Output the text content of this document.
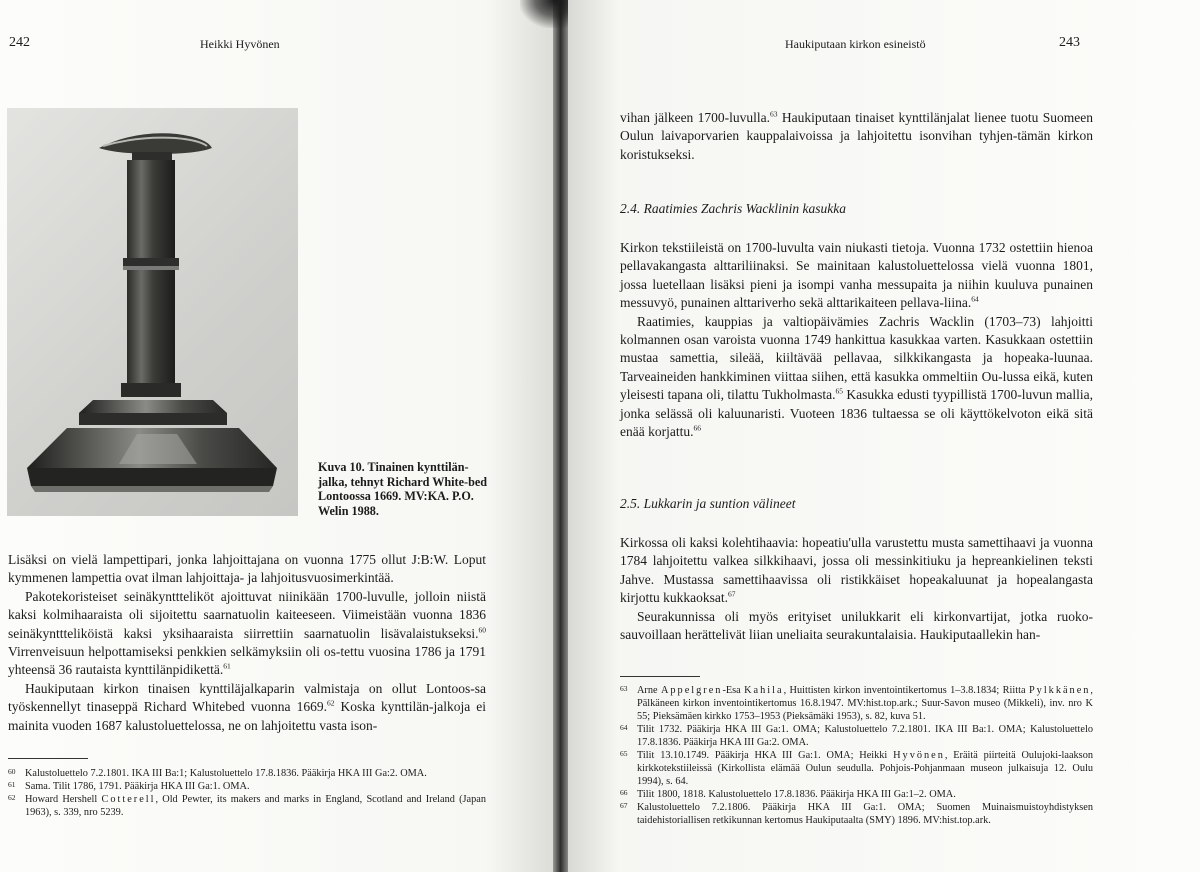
242	Heikki Hyvönen
Kuva 10. Tinainen kynttilän-jalka, tehnyt Richard White-bed Lontoossa 1669. MV:KA. P.O. Welin 1988.

Lisäksi on vielä lampettipari, jonka lahjoittajana on vuonna 1775 ollut J:B:W. Loput kymmenen lampettia ovat ilman lahjoittaja- ja lahjoitusvuosimerkintää.

Pakotekoristeiset seinäkynttteliköt ajoittuvat niinikään 1700-luvulle, jolloin niistä kaksi kolmihaaraista oli sijoitettu saarnatuolin kaiteeseen. Viimeistään vuonna 1836 seinäkynttteliköistä kaksi yksihaaraista siirrettiin saarnatuolin lisävalaistukseksi.$^{60}$ Virrenveisuun helpottamiseksi penkkien selkämyksiin oli os-tettu vuosina 1786 ja 1791 yhteensä 36 rautaista kynttilänpidikettä.$^{61}$

Haukiputaan kirkon tinaisen kynttiläjalkaparin valmistaja on ollut Lontoos-sa työskennellyt tinaseppä Richard Whitebed vuonna 1669.62 Koska kynttilän-jalkoja ei mainita vuoden 1687 kalustoluettelossa, ne on lahjoitettu vasta ison-

60 Kalustoluettelo 7.2.1801. IKA III Ba:1; Kalustoluettelo 17.8.1836. Pääkirja HKA III Ga:2. OMA.
61 Sama. Tilit 1786, 1791. Pääkirja HKA III Ga:1. OMA.
62 Howard Hershell Cotterell, Old Pewter, its makers and marks in England, Scotland and Ireland (Japan 1963), s. 339, nro 5239.
Haukiputaan kirkon esineistö	243

vihan jälkeen 1700-luvulla.$^{63}$ Haukiputaan tinaiset kynttilänjalat lienee tuotu Suomeen Oulun laivaporvarien kauppalaivoissa ja lahjoitettu isonvihan tyhjen-tämän kirkon koristukseksi.

2.4. Raatimies Zachris Wacklinin kasukka

Kirkon tekstiileistä on 1700-luvulta vain niukasti tietoja. Vuonna 1732 ostettiin hienoa pellavakangasta alttariliinaksi. Se mainitaan kalustoluettelossa vielä vuonna 1801, jossa luetellaan lisäksi pieni ja isompi vanha messupaita ja niihin kuuluva punainen messuvyö, punainen alttariverho sekä alttarikaiteen pellava-liina.$^{64}$

Raatimies, kauppias ja valtiopäivämies Zachris Wacklin (1703–73) lahjoitti kolmannen osan varoista vuonna 1749 hankittua kasukkaa varten. Kasukkaan ostettiin mustaa samettia, sileää, kiiltävää pellavaa, silkkikangasta ja hopeaka-luunaa. Tarveaineiden hankkiminen viittaa siihen, että kasukka ommeltiin Ou-lussa eikä, kuten yleisesti tapana oli, tilattu Tukholmasta.$^{65}$ Kasukka edusti tyypillistä 1700-luvun mallia, jonka selässä oli kaluunaristi. Vuoteen 1836 tultaessa se oli käyttökelvoton eikä sitä enää korjattu.$^{66}$

2.5. Lukkarin ja suntion välineet

Kirkossa oli kaksi kolehtihaavia: hopeatiu'ulla varustettu musta samettihaavi ja vuonna 1784 lahjoitettu valkea silkkihaavi, jossa oli messinkitiuku ja hepreankielinen teksti Jahve. Mustassa samettihaavissa oli ristikkäiset hopeakaluunat ja hopealangasta kirjottu kukkaoksat.$^{67}$

Seurakunnissa oli myös erityiset unilukkarit eli kirkonvartijat, jotka ruoko-sauvoillaan herättelivät liian uneliaita seurakuntalaisia. Haukiputaallekin han-

63 Arne Appelgren-Esa Kahila, Huittisten kirkon inventointikertomus 1–3.8.1834; Riitta Pylkkänen, Pälkäneen kirkon inventointikertomus 16.8.1947. MV:hist.top.ark.; Suur-Savon museo (Mikkeli), inv. nro K 55; Pieksämäen kirkko 1753–1953 (Pieksämäki 1953), s. 82, kuva 51.
64 Tilit 1732. Pääkirja HKA III Ga:1. OMA; Kalustoluettelo 7.2.1801. IKA III Ba:1. OMA; Kalustoluettelo 17.8.1836. Pääkirja HKA III Ga:2. OMA.
65 Tilit 13.10.1749. Pääkirja HKA III Ga:1. OMA; Heikki Hyvönen, Eräitä piirteitä Oulujoki-laakson kirkkotekstiileissä (Kirkollista elämää Oulun seudulla. Pohjois-Pohjanmaan museon julkaisuja 12. Oulu 1994), s. 64.
66 Tilit 1800, 1818. Kalustoluettelo 17.8.1836. Pääkirja HKA III Ga:1–2. OMA.
67 Kalustoluettelo 7.2.1806. Pääkirja HKA III Ga:1. OMA; Suomen Muinaismuistoyhdistyksen taidehistoriallisen retkikunnan kertomus Haukiputaalta (SMY) 1896. MV:hist.top.ark.
